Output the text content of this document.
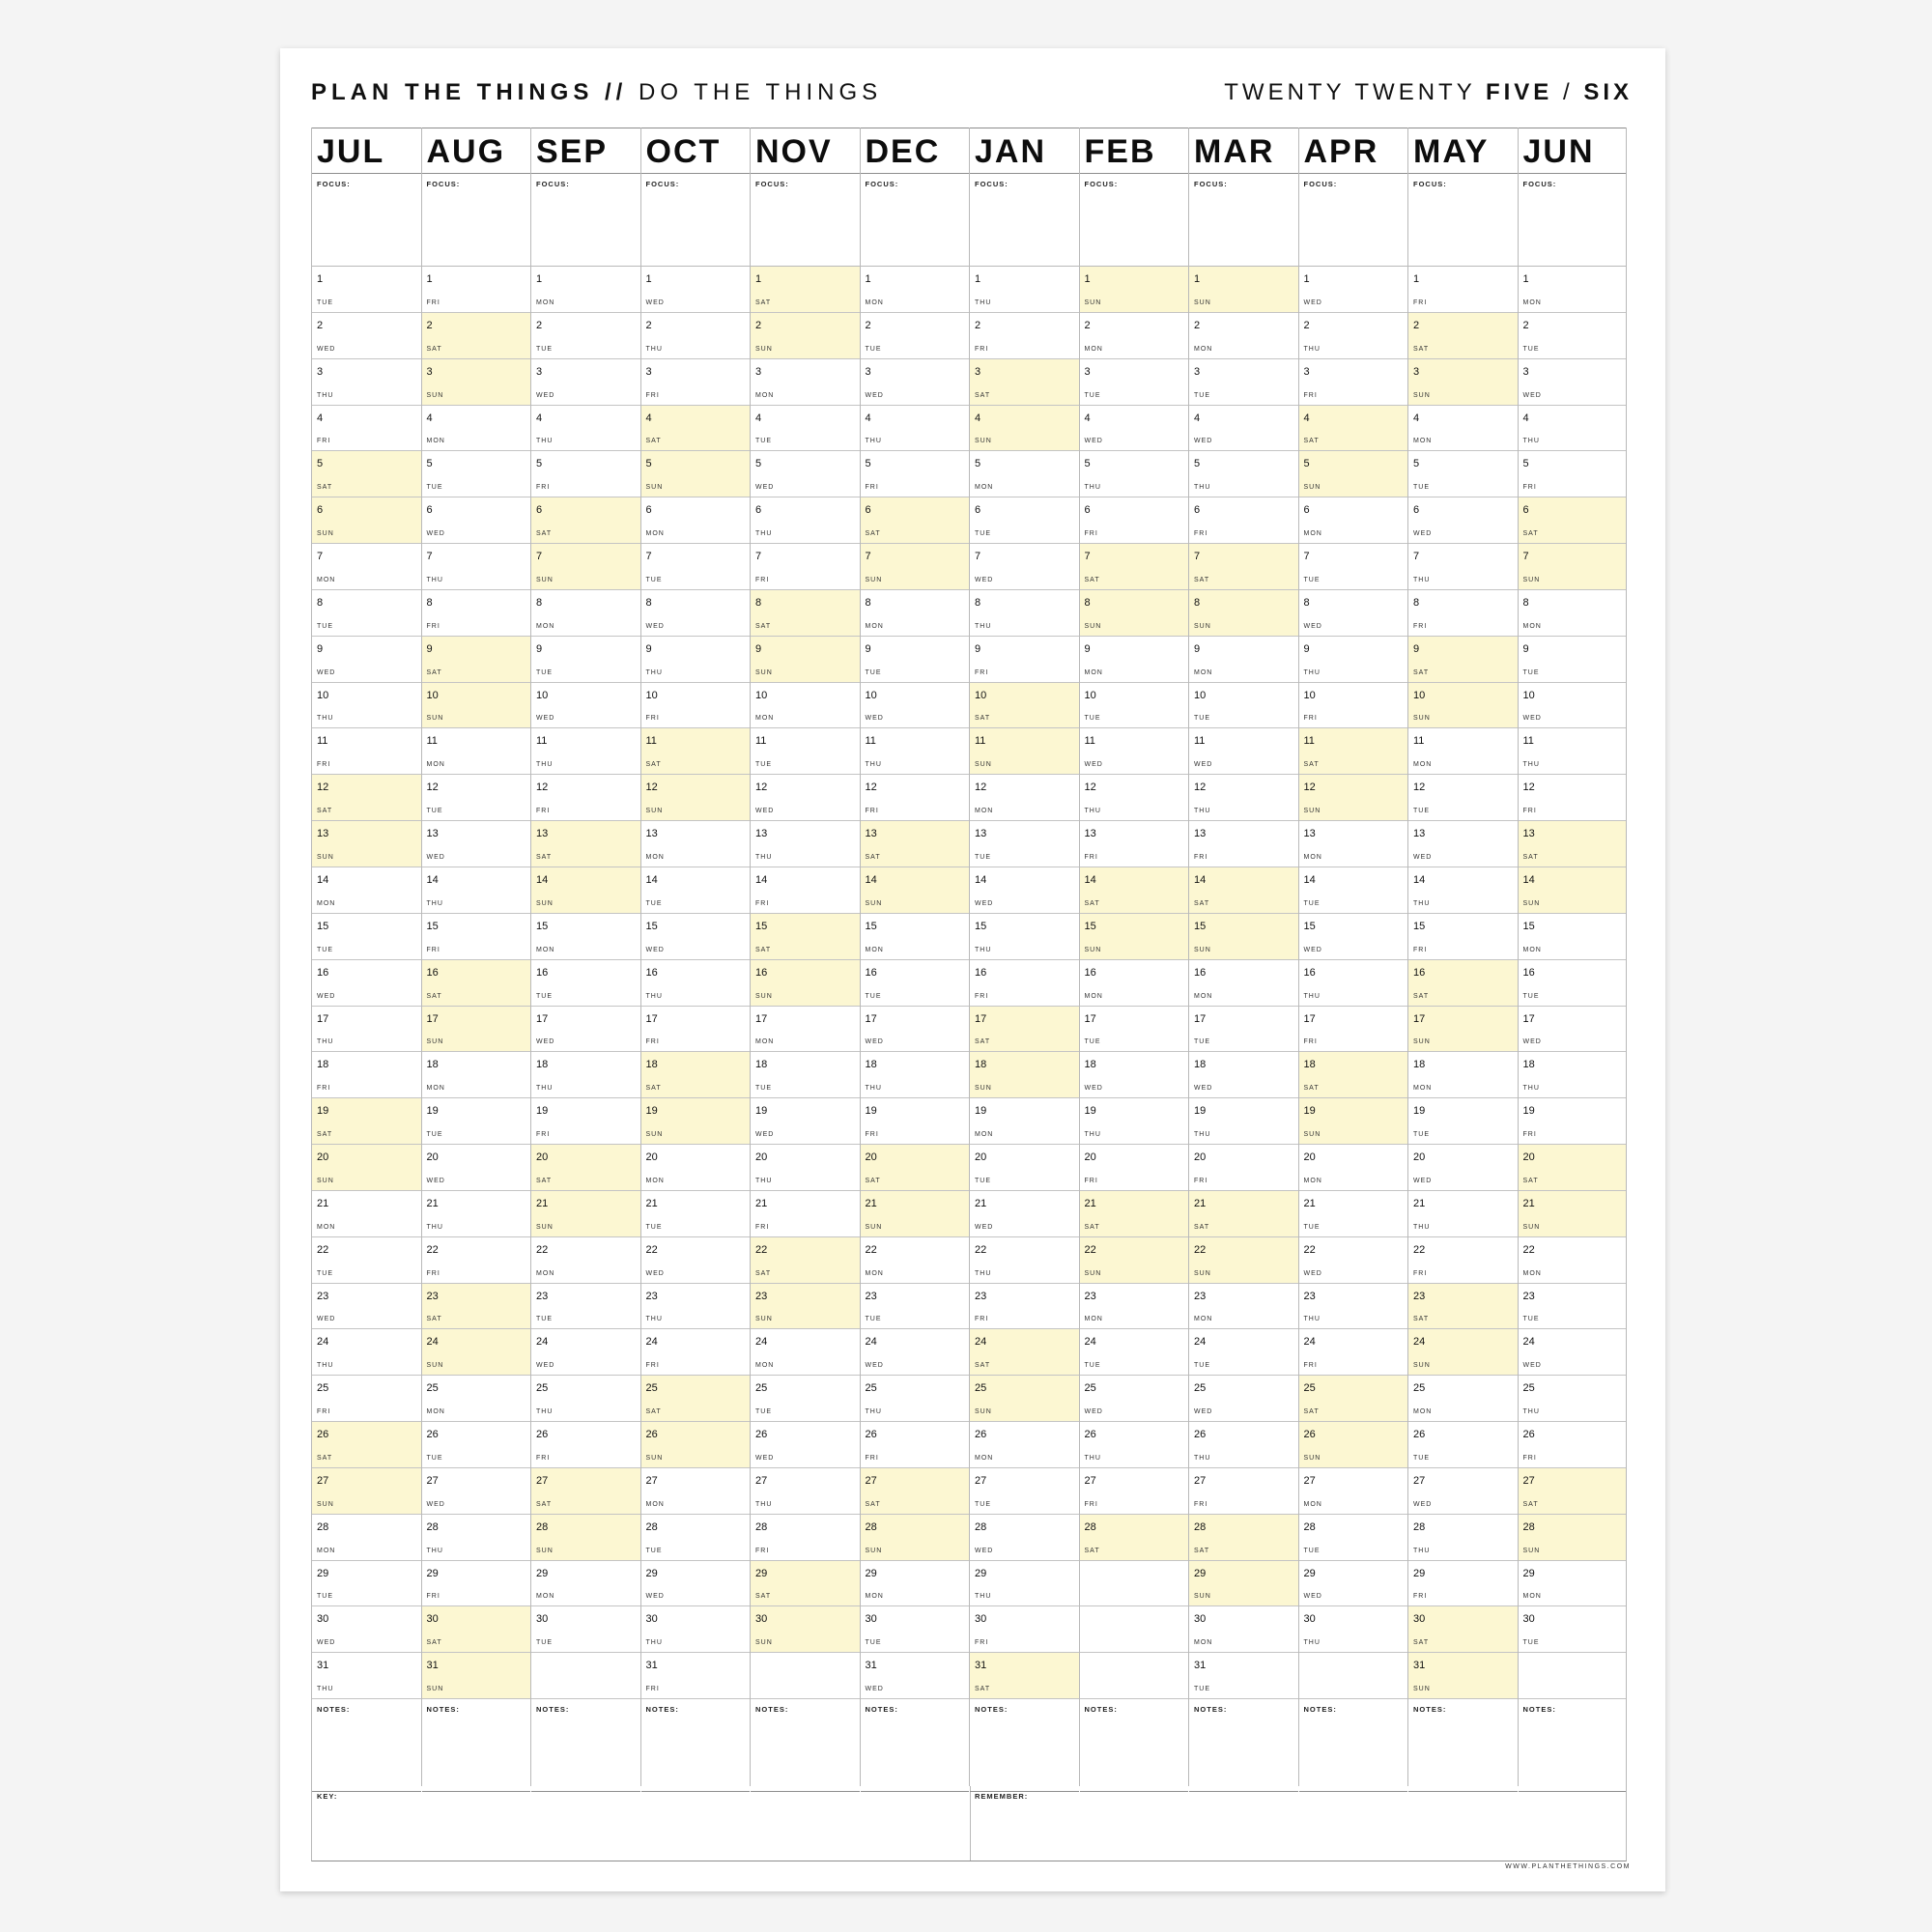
PLAN THE THINGS // DO THE THINGS	TWENTY TWENTY FIVE / SIX
KEY:	REMEMBER:
JUL
FOCUS:
1
TUE
2
WED
3
THU
4
FRI
5
SAT
6
SUN
7
MON
8
TUE
9
WED
10
THU
11
FRI
12
SAT
13
SUN
14
MON
15
TUE
16
WED
17
THU
18
FRI
19
SAT
20
SUN
21
MON
22
TUE
23
WED
24
THU
25
FRI
26
SAT
27
SUN
28
MON
29
TUE
30
WED
31
THU
NOTES:
AUG
FOCUS:
1
FRI
2
SAT
3
SUN
4
MON
5
TUE
6
WED
7
THU
8
FRI
9
SAT
10
SUN
11
MON
12
TUE
13
WED
14
THU
15
FRI
16
SAT
17
SUN
18
MON
19
TUE
20
WED
21
THU
22
FRI
23
SAT
24
SUN
25
MON
26
TUE
27
WED
28
THU
29
FRI
30
SAT
31
SUN
NOTES:
SEP
FOCUS:
1
MON
2
TUE
3
WED
4
THU
5
FRI
6
SAT
7
SUN
8
MON
9
TUE
10
WED
11
THU
12
FRI
13
SAT
14
SUN
15
MON
16
TUE
17
WED
18
THU
19
FRI
20
SAT
21
SUN
22
MON
23
TUE
24
WED
25
THU
26
FRI
27
SAT
28
SUN
29
MON
30
TUE
NOTES:
OCT
FOCUS:
1
WED
2
THU
3
FRI
4
SAT
5
SUN
6
MON
7
TUE
8
WED
9
THU
10
FRI
11
SAT
12
SUN
13
MON
14
TUE
15
WED
16
THU
17
FRI
18
SAT
19
SUN
20
MON
21
TUE
22
WED
23
THU
24
FRI
25
SAT
26
SUN
27
MON
28
TUE
29
WED
30
THU
31
FRI
NOTES:
NOV
FOCUS:
1
SAT
2
SUN
3
MON
4
TUE
5
WED
6
THU
7
FRI
8
SAT
9
SUN
10
MON
11
TUE
12
WED
13
THU
14
FRI
15
SAT
16
SUN
17
MON
18
TUE
19
WED
20
THU
21
FRI
22
SAT
23
SUN
24
MON
25
TUE
26
WED
27
THU
28
FRI
29
SAT
30
SUN
NOTES:
DEC
FOCUS:
1
MON
2
TUE
3
WED
4
THU
5
FRI
6
SAT
7
SUN
8
MON
9
TUE
10
WED
11
THU
12
FRI
13
SAT
14
SUN
15
MON
16
TUE
17
WED
18
THU
19
FRI
20
SAT
21
SUN
22
MON
23
TUE
24
WED
25
THU
26
FRI
27
SAT
28
SUN
29
MON
30
TUE
31
WED
NOTES:
JAN
FOCUS:
1
THU
2
FRI
3
SAT
4
SUN
5
MON
6
TUE
7
WED
8
THU
9
FRI
10
SAT
11
SUN
12
MON
13
TUE
14
WED
15
THU
16
FRI
17
SAT
18
SUN
19
MON
20
TUE
21
WED
22
THU
23
FRI
24
SAT
25
SUN
26
MON
27
TUE
28
WED
29
THU
30
FRI
31
SAT
NOTES:
FEB
FOCUS:
1
SUN
2
MON
3
TUE
4
WED
5
THU
6
FRI
7
SAT
8
SUN
9
MON
10
TUE
11
WED
12
THU
13
FRI
14
SAT
15
SUN
16
MON
17
TUE
18
WED
19
THU
20
FRI
21
SAT
22
SUN
23
MON
24
TUE
25
WED
26
THU
27
FRI
28
SAT
NOTES:
MAR
FOCUS:
1
SUN
2
MON
3
TUE
4
WED
5
THU
6
FRI
7
SAT
8
SUN
9
MON
10
TUE
11
WED
12
THU
13
FRI
14
SAT
15
SUN
16
MON
17
TUE
18
WED
19
THU
20
FRI
21
SAT
22
SUN
23
MON
24
TUE
25
WED
26
THU
27
FRI
28
SAT
29
SUN
30
MON
31
TUE
NOTES:
APR
FOCUS:
1
WED
2
THU
3
FRI
4
SAT
5
SUN
6
MON
7
TUE
8
WED
9
THU
10
FRI
11
SAT
12
SUN
13
MON
14
TUE
15
WED
16
THU
17
FRI
18
SAT
19
SUN
20
MON
21
TUE
22
WED
23
THU
24
FRI
25
SAT
26
SUN
27
MON
28
TUE
29
WED
30
THU
NOTES:
MAY
FOCUS:
1
FRI
2
SAT
3
SUN
4
MON
5
TUE
6
WED
7
THU
8
FRI
9
SAT
10
SUN
11
MON
12
TUE
13
WED
14
THU
15
FRI
16
SAT
17
SUN
18
MON
19
TUE
20
WED
21
THU
22
FRI
23
SAT
24
SUN
25
MON
26
TUE
27
WED
28
THU
29
FRI
30
SAT
31
SUN
NOTES:
JUN
FOCUS:
1
MON
2
TUE
3
WED
4
THU
5
FRI
6
SAT
7
SUN
8
MON
9
TUE
10
WED
11
THU
12
FRI
13
SAT
14
SUN
15
MON
16
TUE
17
WED
18
THU
19
FRI
20
SAT
21
SUN
22
MON
23
TUE
24
WED
25
THU
26
FRI
27
SAT
28
SUN
29
MON
30
TUE
NOTES:
WWW.PLANTHETHINGS.COM
